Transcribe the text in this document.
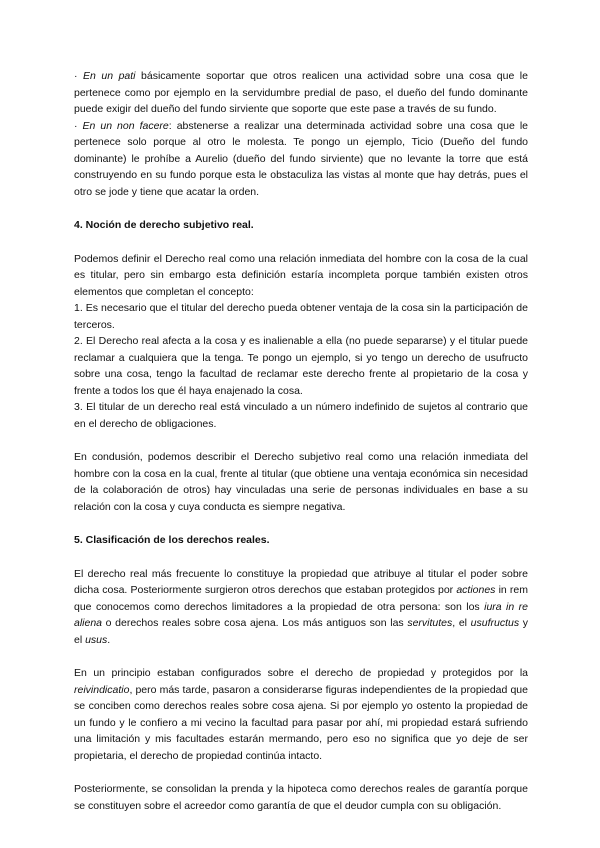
· En un pati básicamente soportar que otros realicen una actividad sobre una cosa que le pertenece como por ejemplo en la servidumbre predial de paso, el dueño del fundo dominante puede exigir del dueño del fundo sirviente que soporte que este pase a través de su fundo.

· En un non facere: abstenerse a realizar una determinada actividad sobre una cosa que le pertenece solo porque al otro le molesta. Te pongo un ejemplo, Ticio (Dueño del fundo dominante) le prohíbe a Aurelio (dueño del fundo sirviente) que no levante la torre que está construyendo en su fundo porque esta le obstaculiza las vistas al monte que hay detrás, pues el otro se jode y tiene que acatar la orden.

4. Noción de derecho subjetivo real.

Podemos definir el Derecho real como una relación inmediata del hombre con la cosa de la cual es titular, pero sin embargo esta definición estaría incompleta porque también existen otros elementos que completan el concepto:

1. Es necesario que el titular del derecho pueda obtener ventaja de la cosa sin la participación de terceros.

2. El Derecho real afecta a la cosa y es inalienable a ella (no puede separarse) y el titular puede reclamar a cualquiera que la tenga. Te pongo un ejemplo, si yo tengo un derecho de usufructo sobre una cosa, tengo la facultad de reclamar este derecho frente al propietario de la cosa y frente a todos los que él haya enajenado la cosa.

3. El titular de un derecho real está vinculado a un número indefinido de sujetos al contrario que en el derecho de obligaciones.

En condusión, podemos describir el Derecho subjetivo real como una relación inmediata del hombre con la cosa en la cual, frente al titular (que obtiene una ventaja económica sin necesidad de la colaboración de otros) hay vinculadas una serie de personas individuales en base a su relación con la cosa y cuya conducta es siempre negativa.

5. Clasificación de los derechos reales.

El derecho real más frecuente lo constituye la propiedad que atribuye al titular el poder sobre dicha cosa. Posteriormente surgieron otros derechos que estaban protegidos por actiones in rem que conocemos como derechos limitadores a la propiedad de otra persona: son los iura in re aliena o derechos reales sobre cosa ajena. Los más antiguos son las servitutes, el usufructus y el usus.

En un principio estaban configurados sobre el derecho de propiedad y protegidos por la reivindicatio, pero más tarde, pasaron a considerarse figuras independientes de la propiedad que se conciben como derechos reales sobre cosa ajena. Si por ejemplo yo ostento la propiedad de un fundo y le confiero a mi vecino la facultad para pasar por ahí, mi propiedad estará sufriendo una limitación y mis facultades estarán mermando, pero eso no significa que yo deje de ser propietaria, el derecho de propiedad continúa intacto.

Posteriormente, se consolidan la prenda y la hipoteca como derechos reales de garantía porque se constituyen sobre el acreedor como garantía de que el deudor cumpla con su obligación.
